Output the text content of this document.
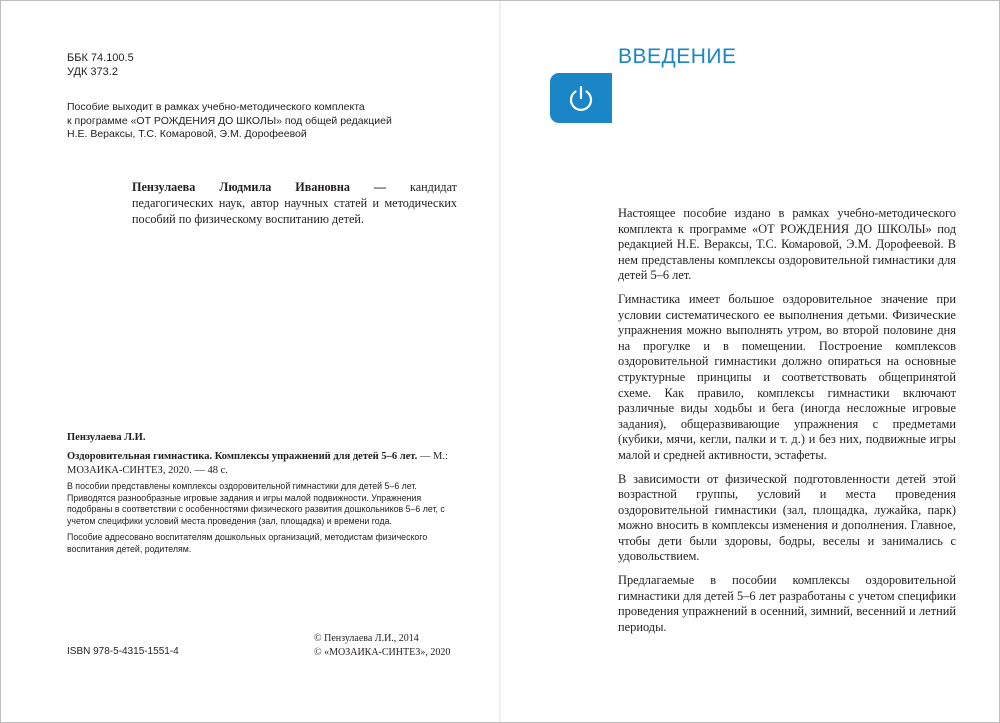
ББК 74.100.5
УДК 373.2
Пособие выходит в рамках учебно-методического комплекта
к программе «ОТ РОЖДЕНИЯ ДО ШКОЛЫ» под общей редакцией
Н.Е. Вераксы, Т.С. Комаровой, Э.М. Дорофеевой
Пензулаева Людмила Ивановна — кандидат педагогических наук, автор научных статей и методических пособий по физическому воспитанию детей.
Пензулаева Л.И.
Оздоровительная гимнастика. Комплексы упражнений для детей 5–6 лет. — М.: МОЗАИКА-СИНТЕЗ, 2020. — 48 с.

В пособии представлены комплексы оздоровительной гимнастики для детей 5–6 лет. Приводятся разнообразные игровые задания и игры малой подвижности. Упражнения подобраны в соответствии с особенностями физического развития дошкольников 5–6 лет, с учетом специфики условий места проведения (зал, площадка) и времени года.

Пособие адресовано воспитателям дошкольных организаций, методистам физического воспитания детей, родителям.

ISBN 978-5-4315-1551-4
© Пензулаева Л.И., 2014
© «МОЗАИКА-СИНТЕЗ», 2020
ВВЕДЕНИЕ

Настоящее пособие издано в рамках учебно-методического комплекта к программе «ОТ РОЖДЕНИЯ ДО ШКОЛЫ» под редакцией Н.Е. Вераксы, Т.С. Комаровой, Э.М. Дорофеевой. В нем представлены комплексы оздоровительной гимнастики для детей 5–6 лет.

Гимнастика имеет большое оздоровительное значение при условии систематического ее выполнения детьми. Физические упражнения можно выполнять утром, во второй половине дня на прогулке и в помещении. Построение комплексов оздоровительной гимнастики должно опираться на основные структурные принципы и соответствовать общепринятой схеме. Как правило, комплексы гимнастики включают различные виды ходьбы и бега (иногда несложные игровые задания), общеразвивающие упражнения с предметами (кубики, мячи, кегли, палки и т. д.) и без них, подвижные игры малой и средней активности, эстафеты.

В зависимости от физической подготовленности детей этой возрастной группы, условий и места проведения оздоровительной гимнастики (зал, площадка, лужайка, парк) можно вносить в комплексы изменения и дополнения. Главное, чтобы дети были здоровы, бодры, веселы и занимались с удовольствием.

Предлагаемые в пособии комплексы оздоровительной гимнастики для детей 5–6 лет разработаны с учетом специфики проведения упражнений в осенний, зимний, весенний и летний периоды.
